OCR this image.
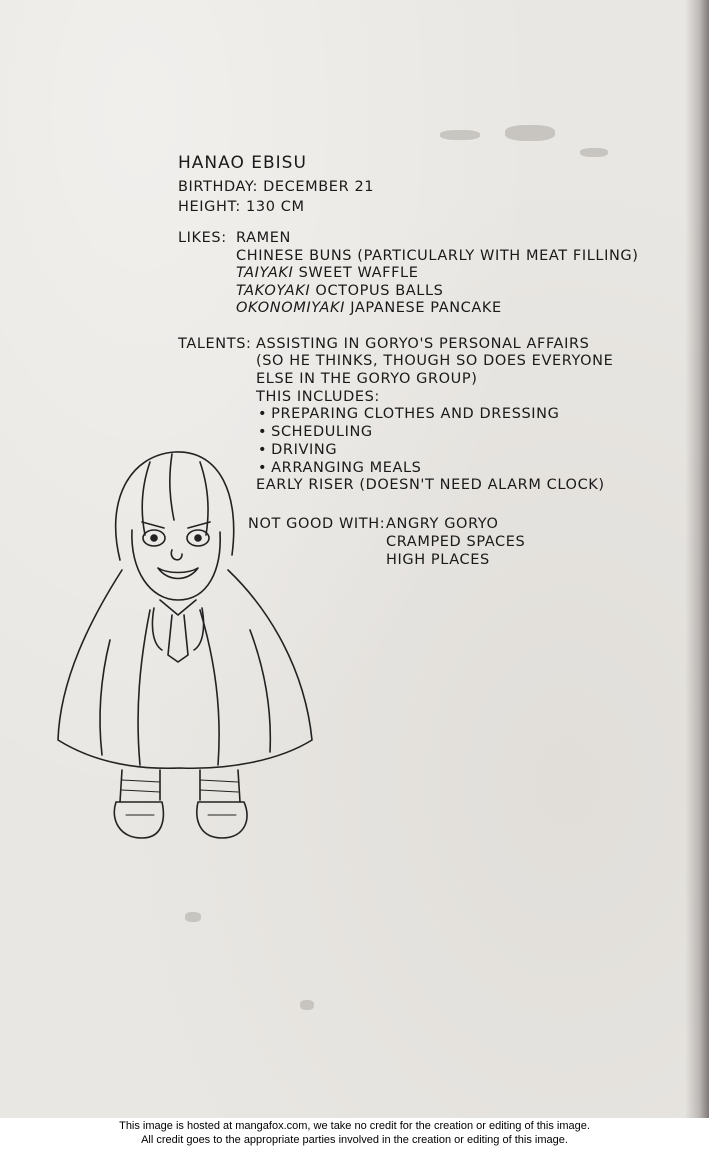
HANAO EBISU
BIRTHDAY: DECEMBER 21
HEIGHT: 130 CM
LIKES: RAMEN
CHINESE BUNS (PARTICULARLY WITH MEAT FILLING)
TAIYAKI SWEET WAFFLE
TAKOYAKI OCTOPUS BALLS
OKONOMIYAKI JAPANESE PANCAKE
TALENTS: ASSISTING IN GORYO'S PERSONAL AFFAIRS
(SO HE THINKS, THOUGH SO DOES EVERYONE
ELSE IN THE GORYO GROUP)
THIS INCLUDES:
• PREPARING CLOTHES AND DRESSING
• SCHEDULING
• DRIVING
• ARRANGING MEALS
EARLY RISER (DOESN'T NEED ALARM CLOCK)
NOT GOOD WITH: ANGRY GORYO
CRAMPED SPACES
HIGH PLACES
This image is hosted at mangafox.com, we take no credit for the creation or editing of this image.
All credit goes to the appropriate parties involved in the creation or editing of this image.
